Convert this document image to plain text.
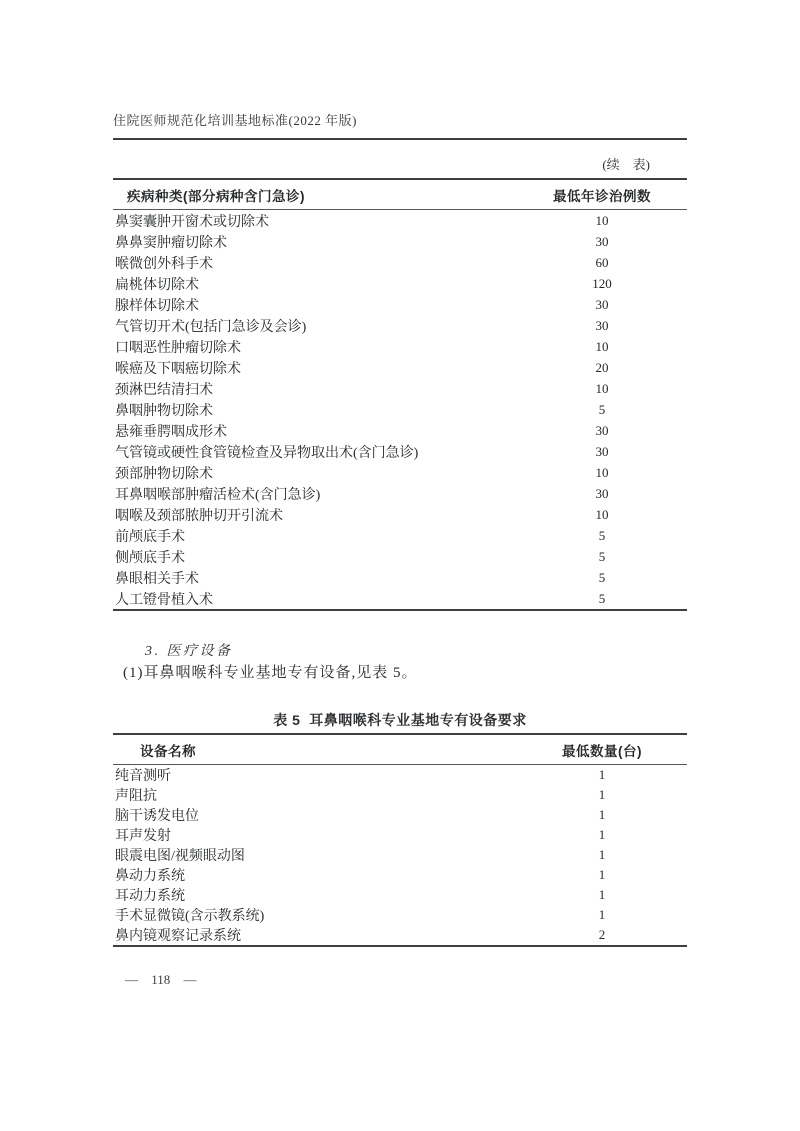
住院医师规范化培训基地标准(2022 年版)
(续　表)
疾病种类(部分病种含门急诊)	最低年诊治例数
鼻窦囊肿开窗术或切除术	10
鼻鼻窦肿瘤切除术	30
喉微创外科手术	60
扁桃体切除术	120
腺样体切除术	30
气管切开术(包括门急诊及会诊)	30
口咽恶性肿瘤切除术	10
喉癌及下咽癌切除术	20
颈淋巴结清扫术	10
鼻咽肿物切除术	5
悬雍垂腭咽成形术	30
气管镜或硬性食管镜检查及异物取出术(含门急诊)	30
颈部肿物切除术	10
耳鼻咽喉部肿瘤活检术(含门急诊)	30
咽喉及颈部脓肿切开引流术	10
前颅底手术	5
侧颅底手术	5
鼻眼相关手术	5
人工镫骨植入术	5
3. 医疗设备
(1)耳鼻咽喉科专业基地专有设备,见表 5。
表 5  耳鼻咽喉科专业基地专有设备要求
设备名称	最低数量(台)
纯音测听	1
声阻抗	1
脑干诱发电位	1
耳声发射	1
眼震电图/视频眼动图	1
鼻动力系统	1
耳动力系统	1
手术显微镜(含示教系统)	1
鼻内镜观察记录系统	2
— 118 —
